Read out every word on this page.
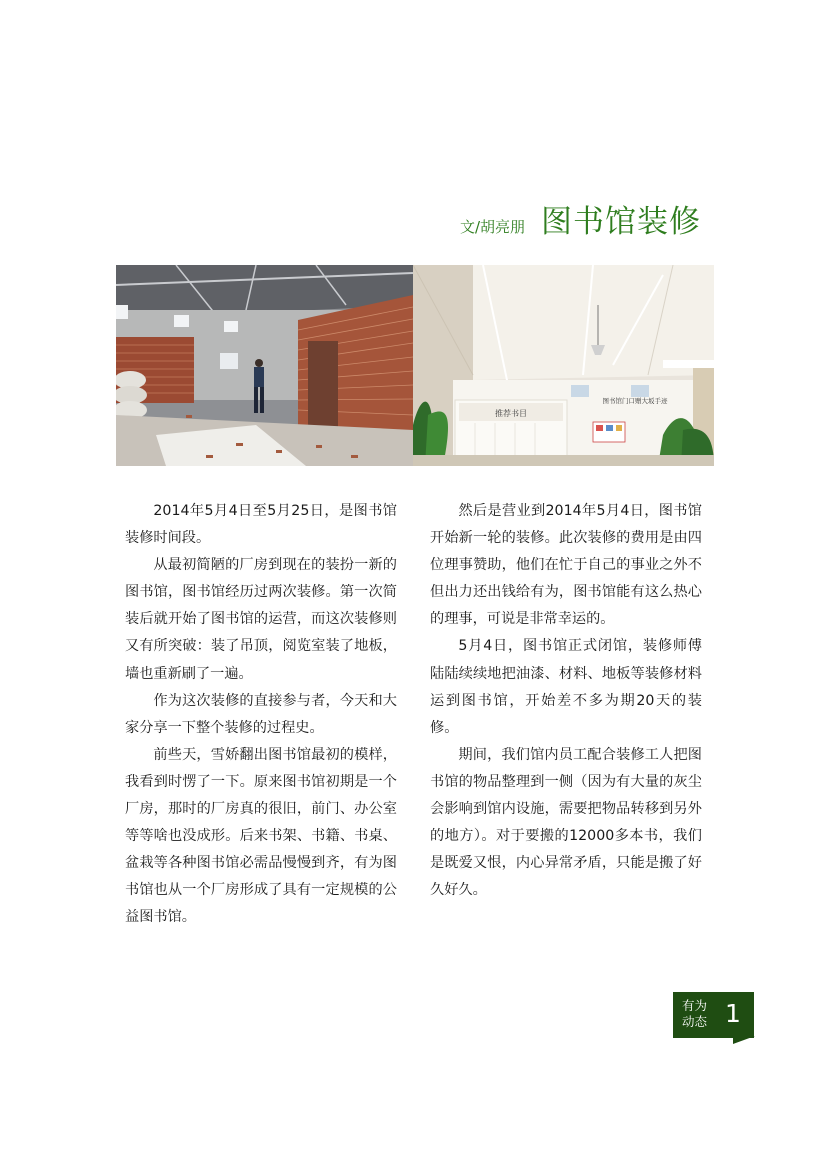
文/胡亮朋 图书馆装修
推荐书目
图书馆门口赠大坂手迹

2014年5月4日至5月25日，是图书馆装修时间段。

从最初简陋的厂房到现在的装扮一新的图书馆，图书馆经历过两次装修。第一次简装后就开始了图书馆的运营，而这次装修则又有所突破：装了吊顶，阅览室装了地板，墙也重新刷了一遍。

作为这次装修的直接参与者，今天和大家分享一下整个装修的过程史。

前些天，雪娇翻出图书馆最初的模样，我看到时愣了一下。原来图书馆初期是一个厂房，那时的厂房真的很旧，前门、办公室等等啥也没成形。后来书架、书籍、书桌、盆栽等各种图书馆必需品慢慢到齐，有为图书馆也从一个厂房形成了具有一定规模的公益图书馆。

然后是营业到2014年5月4日，图书馆开始新一轮的装修。此次装修的费用是由四位理事赞助，他们在忙于自己的事业之外不但出力还出钱给有为，图书馆能有这么热心的理事，可说是非常幸运的。

5月4日，图书馆正式闭馆，装修师傅陆陆续续地把油漆、材料、地板等装修材料运到图书馆，开始差不多为期20天的装修。

期间，我们馆内员工配合装修工人把图书馆的物品整理到一侧（因为有大量的灰尘会影响到馆内设施，需要把物品转移到另外的地方）。对于要搬的12000多本书，我们是既爱又恨，内心异常矛盾，只能是搬了好久好久。

有为
动态 1
